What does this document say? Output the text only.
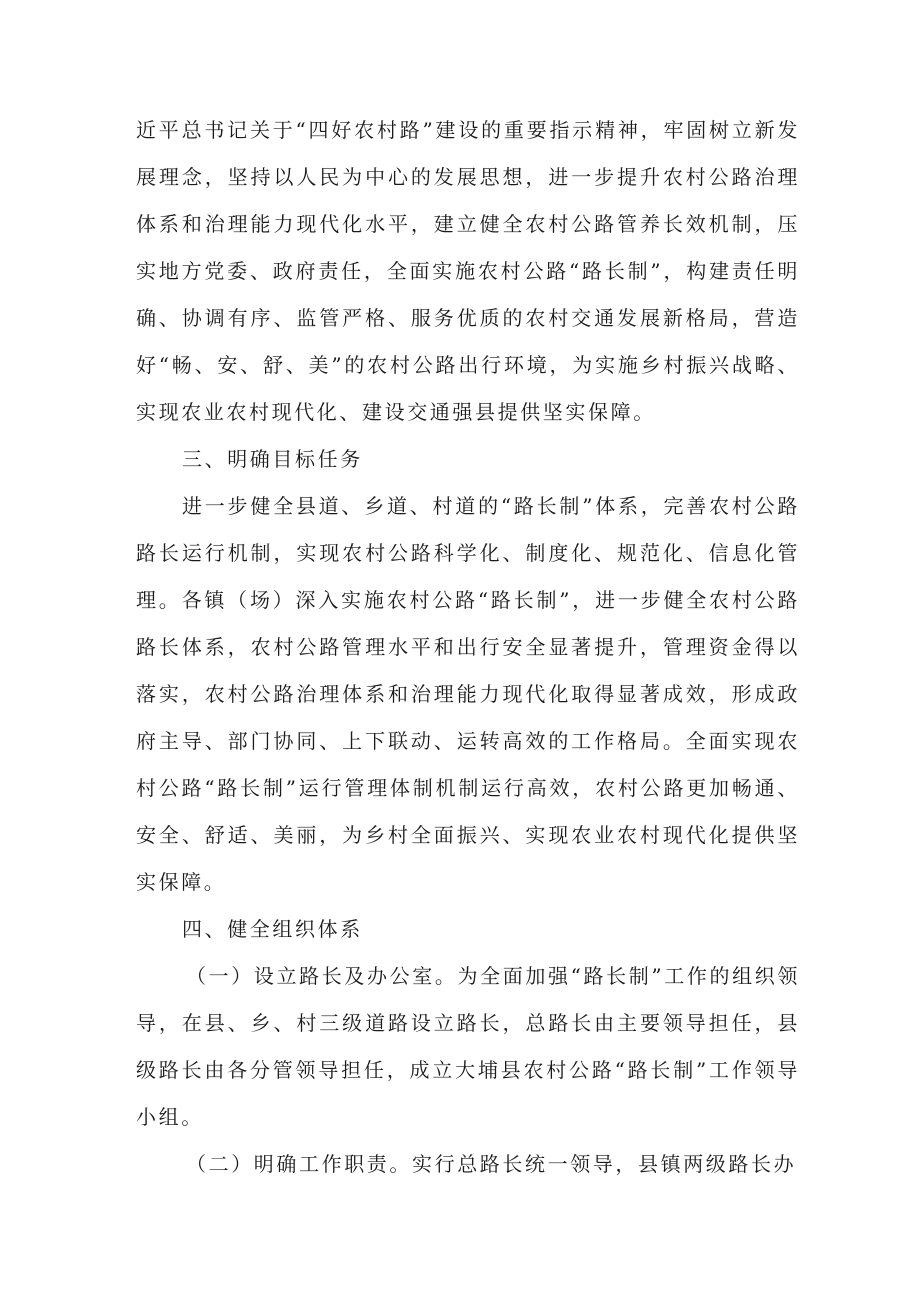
近平总书记关于“四好农村路”建设的重要指示精神，牢固树立新发展理念，坚持以人民为中心的发展思想，进一步提升农村公路治理体系和治理能力现代化水平，建立健全农村公路管养长效机制，压实地方党委、政府责任，全面实施农村公路“路长制”，构建责任明确、协调有序、监管严格、服务优质的农村交通发展新格局，营造好“畅、安、舒、美”的农村公路出行环境，为实施乡村振兴战略、实现农业农村现代化、建设交通强县提供坚实保障。

三、明确目标任务

进一步健全县道、乡道、村道的“路长制”体系，完善农村公路路长运行机制，实现农村公路科学化、制度化、规范化、信息化管理。各镇（场）深入实施农村公路“路长制”，进一步健全农村公路路长体系，农村公路管理水平和出行安全显著提升，管理资金得以落实，农村公路治理体系和治理能力现代化取得显著成效，形成政府主导、部门协同、上下联动、运转高效的工作格局。全面实现农村公路“路长制”运行管理体制机制运行高效，农村公路更加畅通、安全、舒适、美丽，为乡村全面振兴、实现农业农村现代化提供坚实保障。

四、健全组织体系

（一）设立路长及办公室。为全面加强“路长制”工作的组织领导，在县、乡、村三级道路设立路长，总路长由主要领导担任，县级路长由各分管领导担任，成立大埔县农村公路“路长制”工作领导小组。

（二）明确工作职责。实行总路长统一领导，县镇两级路长办
